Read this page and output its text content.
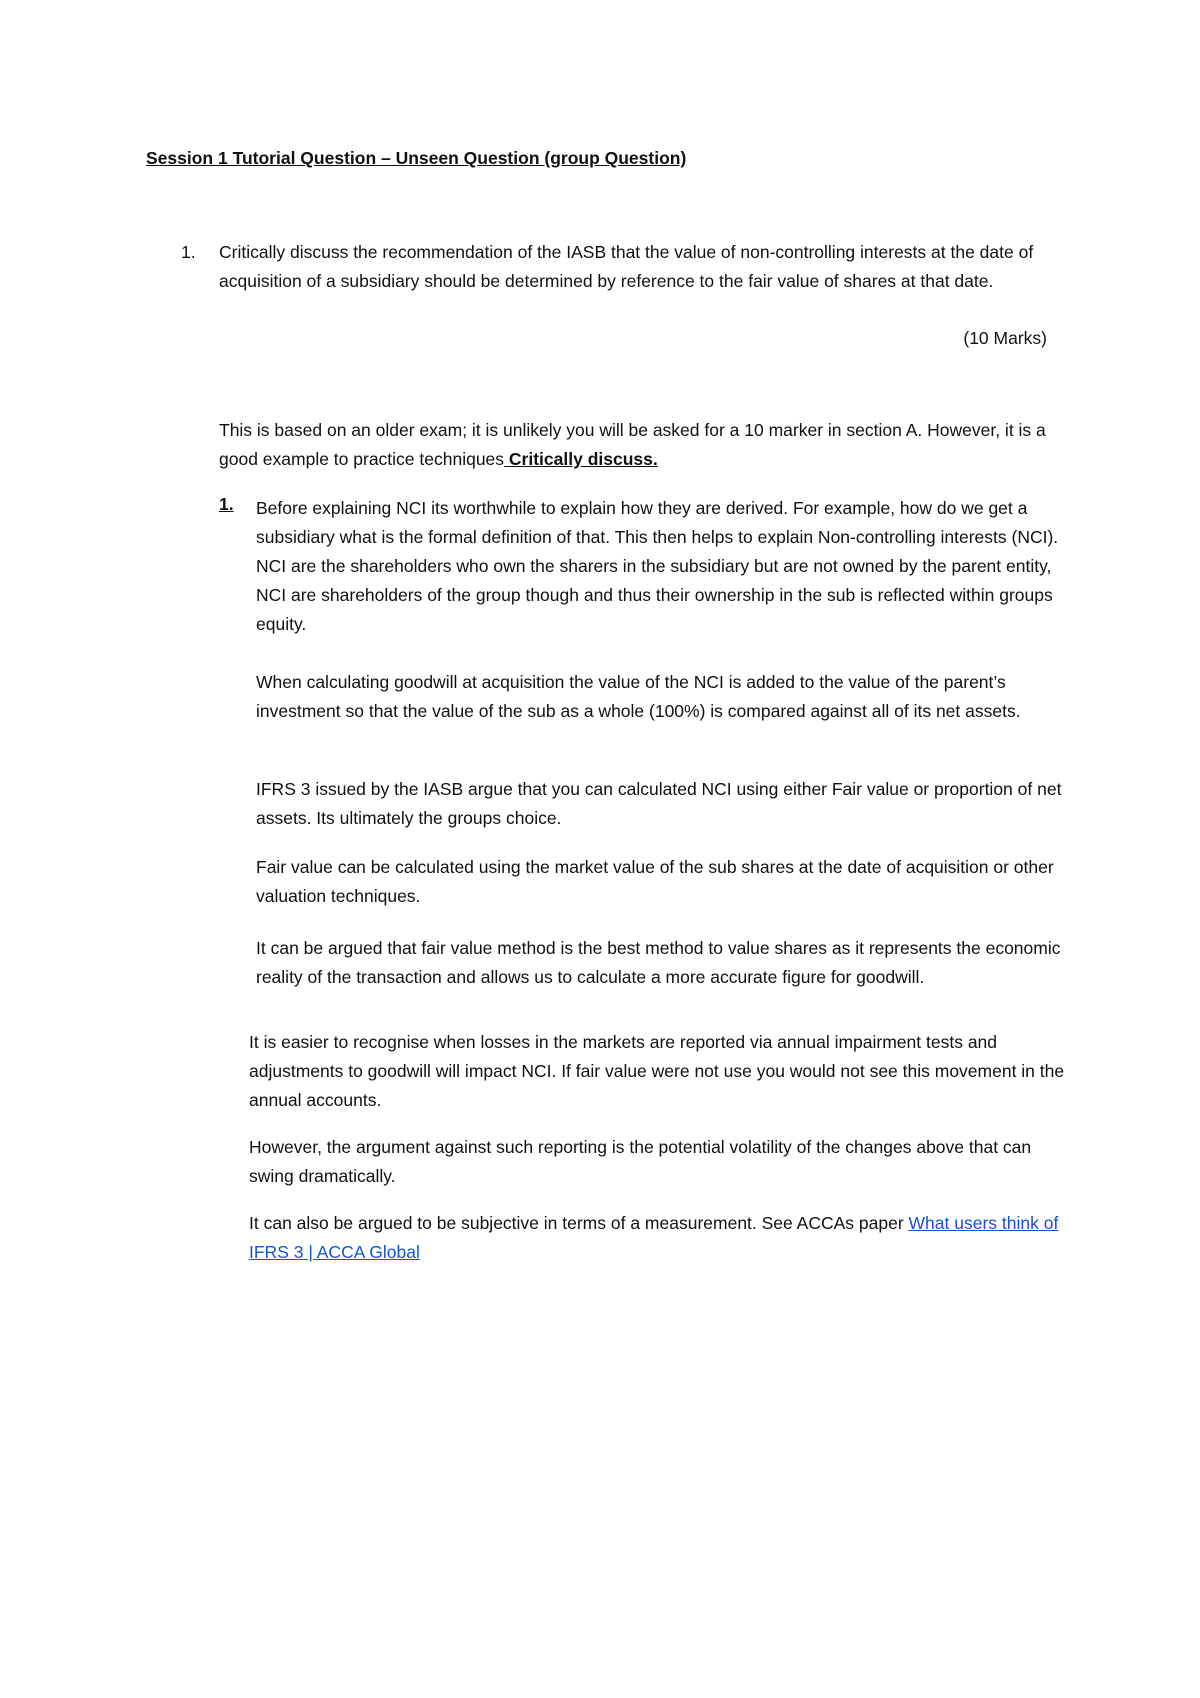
Session 1 Tutorial Question – Unseen Question (group Question)
1. Critically discuss the recommendation of the IASB that the value of non-controlling interests at the date of acquisition of a subsidiary should be determined by reference to the fair value of shares at that date.
(10 Marks)
This is based on an older exam; it is unlikely you will be asked for a 10 marker in section A. However, it is a good example to practice techniques Critically discuss.
1. Before explaining NCI its worthwhile to explain how they are derived. For example, how do we get a subsidiary what is the formal definition of that. This then helps to explain Non-controlling interests (NCI). NCI are the shareholders who own the sharers in the subsidiary but are not owned by the parent entity,
NCI are shareholders of the group though and thus their ownership in the sub is reflected within groups equity.
When calculating goodwill at acquisition the value of the NCI is added to the value of the parent’s investment so that the value of the sub as a whole (100%) is compared against all of its net assets.
IFRS 3 issued by the IASB argue that you can calculated NCI using either Fair value or proportion of net assets. Its ultimately the groups choice.
Fair value can be calculated using the market value of the sub shares at the date of acquisition or other valuation techniques.
It can be argued that fair value method is the best method to value shares as it represents the economic reality of the transaction and allows us to calculate a more accurate figure for goodwill.
It is easier to recognise when losses in the markets are reported via annual impairment tests and adjustments to goodwill will impact NCI. If fair value were not use you would not see this movement in the annual accounts.
However, the argument against such reporting is the potential volatility of the changes above that can swing dramatically.
It can also be argued to be subjective in terms of a measurement. See ACCAs paper What users think of IFRS 3 | ACCA Global
